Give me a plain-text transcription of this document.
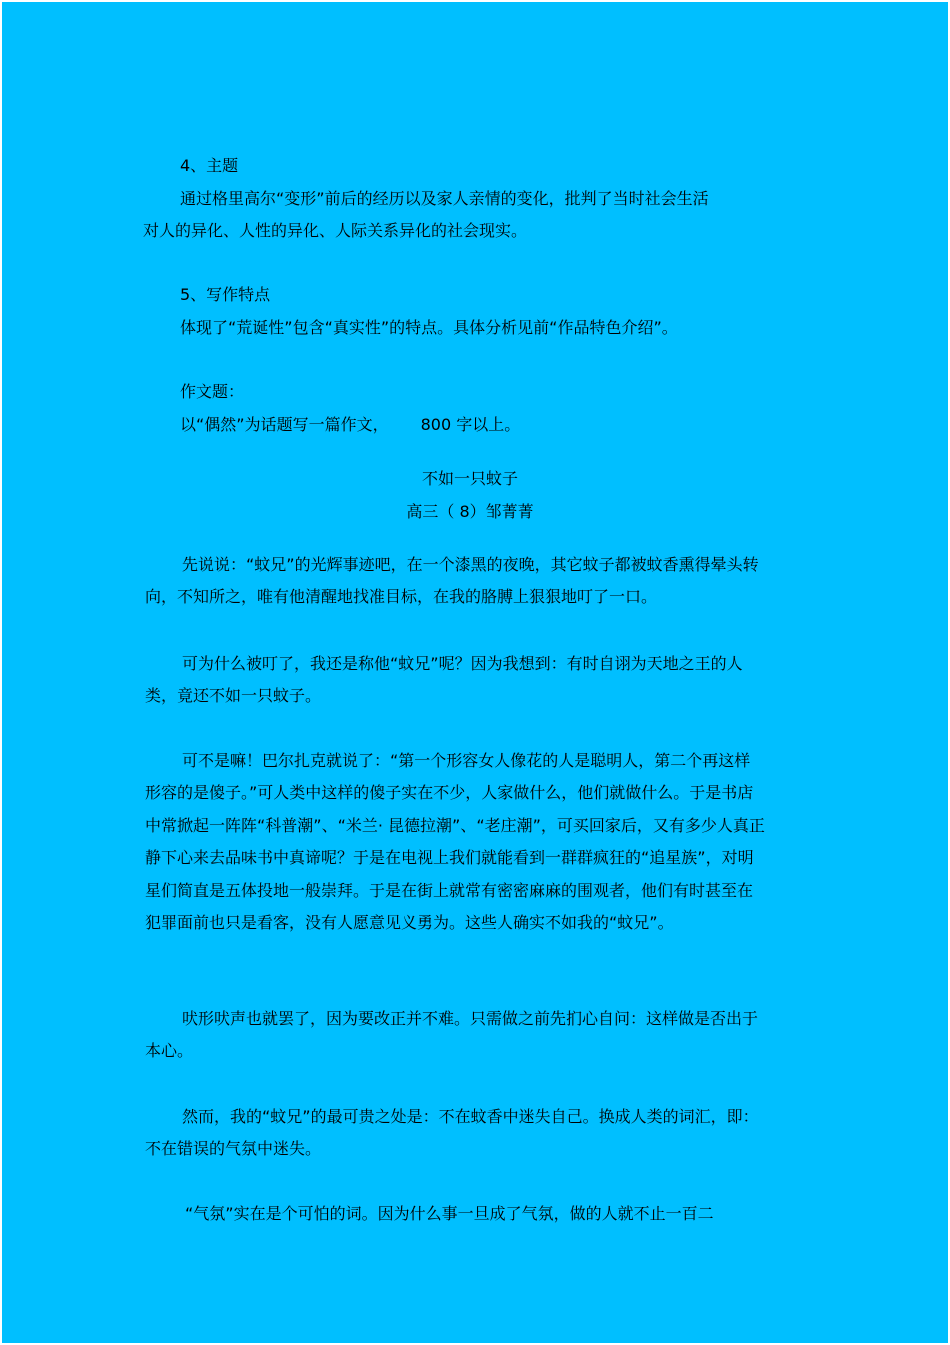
4、主题
通过格里高尔“变形”前后的经历以及家人亲情的变化，批判了当时社会生活
对人的异化、人性的异化、人际关系异化的社会现实。
5、写作特点
体现了“荒诞性”包含“真实性”的特点。具体分析见前“作品特色介绍”。
作文题：
以“偶然”为话题写一篇作文， 800 字以上。
不如一只蚊子
高三（ 8）邹菁菁
先说说：“蚊兄”的光辉事迹吧，在一个漆黑的夜晚，其它蚊子都被蚊香熏得晕头转向，不知所之，唯有他清醒地找准目标，在我的胳膊上狠狠地叮了一口。
可为什么被叮了，我还是称他“蚊兄”呢？因为我想到：有时自诩为天地之王的人类，竟还不如一只蚊子。
可不是嘛！巴尔扎克就说了：“第一个形容女人像花的人是聪明人，第二个再这样形容的是傻子。”可人类中这样的傻子实在不少，人家做什么，他们就做什么。于是书店中常掀起一阵阵“科普潮”、“米兰· 昆德拉潮”、“老庄潮”，可买回家后，又有多少人真正静下心来去品味书中真谛呢？于是在电视上我们就能看到一群群疯狂的“追星族”，对明星们简直是五体投地一般崇拜。于是在街上就常有密密麻麻的围观者，他们有时甚至在犯罪面前也只是看客，没有人愿意见义勇为。这些人确实不如我的“蚊兄”。
吠形吠声也就罢了，因为要改正并不难。只需做之前先扪心自问：这样做是否出于本心。
然而，我的“蚊兄”的最可贵之处是：不在蚊香中迷失自己。换成人类的词汇，即：不在错误的气氛中迷失。
“气氛”实在是个可怕的词。因为什么事一旦成了气氛，做的人就不止一百二
